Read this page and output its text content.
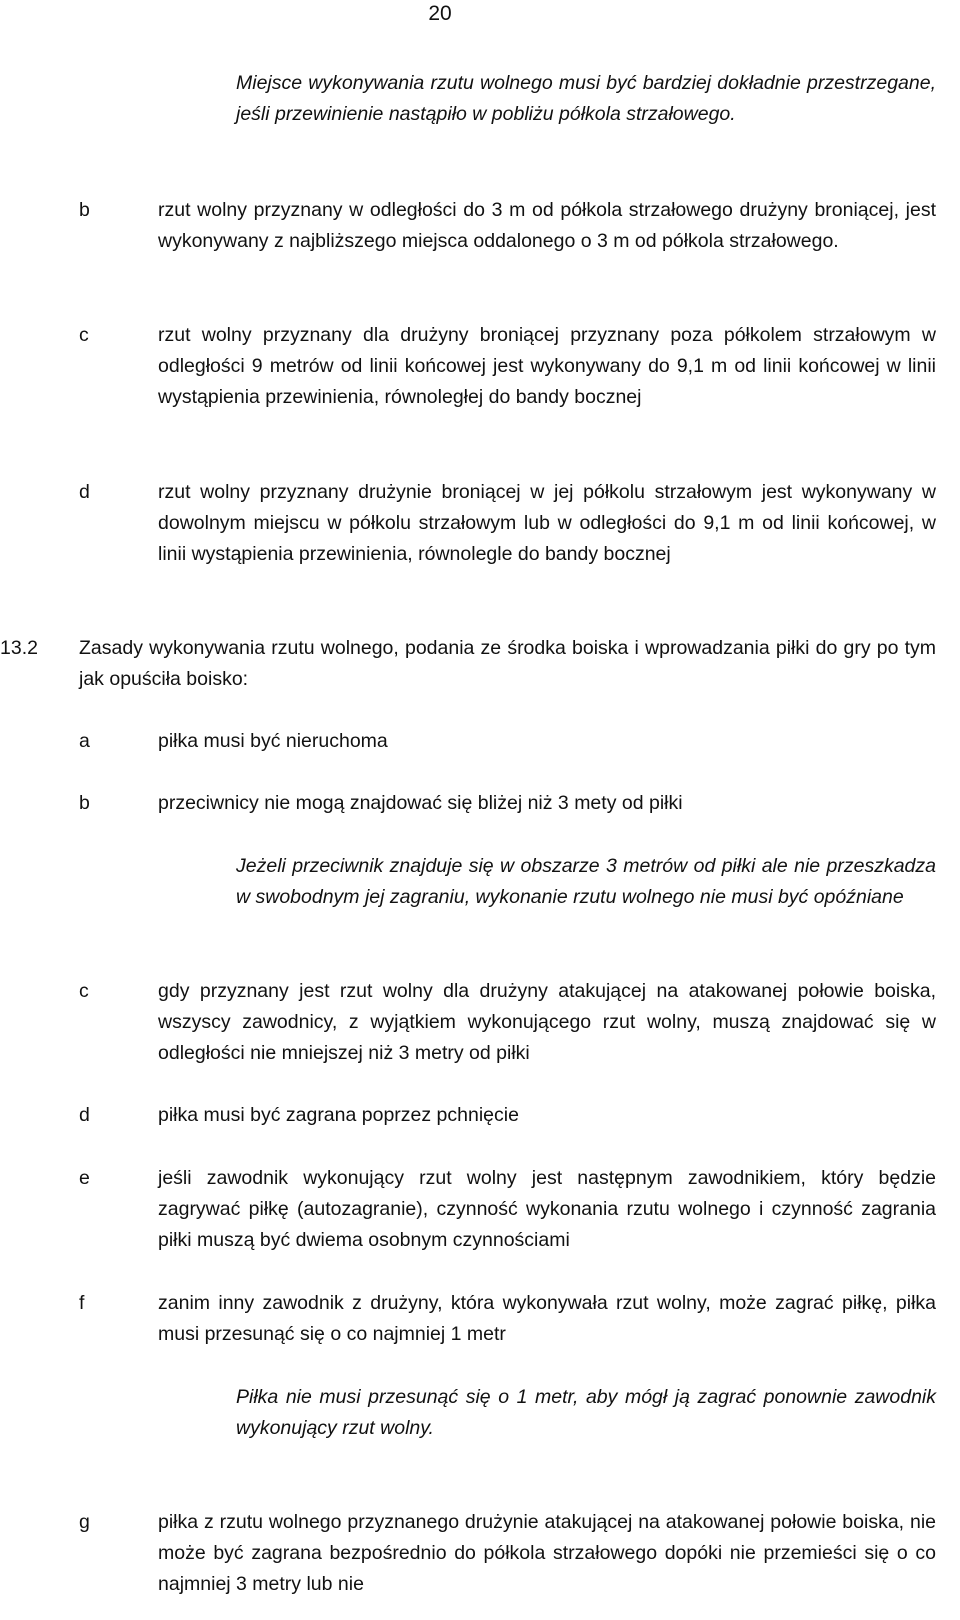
20
Miejsce wykonywania rzutu wolnego musi być bardziej dokładnie przestrzegane, jeśli przewinienie nastąpiło w pobliżu półkola strzałowego.
b	rzut wolny przyznany w odległości do 3 m od półkola strzałowego drużyny broniącej, jest wykonywany z najbliższego miejsca oddalonego o 3 m od półkola strzałowego.
c	rzut wolny przyznany dla drużyny broniącej przyznany poza półkolem strzałowym w odległości 9 metrów od linii końcowej jest wykonywany do 9,1 m od linii końcowej w linii wystąpienia przewinienia, równoległej do bandy bocznej
d	rzut wolny przyznany drużynie broniącej w jej półkolu strzałowym jest wykonywany w dowolnym miejscu w półkolu strzałowym lub w odległości do 9,1 m od linii końcowej, w linii wystąpienia przewinienia, równolegle do bandy bocznej
13.2 Zasady wykonywania rzutu wolnego, podania ze środka boiska i wprowadzania piłki do gry po tym jak opuściła boisko:
a	piłka musi być nieruchoma
b	przeciwnicy nie mogą znajdować się bliżej niż 3 mety od piłki
Jeżeli przeciwnik znajduje się w obszarze 3 metrów od piłki ale nie przeszkadza w swobodnym jej zagraniu, wykonanie rzutu wolnego nie musi być opóźniane
c	gdy przyznany jest rzut wolny dla drużyny atakującej na atakowanej połowie boiska, wszyscy zawodnicy, z wyjątkiem wykonującego rzut wolny, muszą znajdować się w odległości nie mniejszej niż 3 metry od piłki
d	piłka musi być zagrana poprzez pchnięcie
e	jeśli zawodnik wykonujący rzut wolny jest następnym zawodnikiem, który będzie zagrywać piłkę (autozagranie), czynność wykonania rzutu wolnego i czynność zagrania piłki muszą być dwiema osobnym czynnościami
f	zanim inny zawodnik z drużyny, która wykonywała rzut wolny, może zagrać piłkę, piłka musi przesunąć się o co najmniej 1 metr
Piłka nie musi przesunąć się o 1 metr, aby mógł ją zagrać ponownie zawodnik wykonujący rzut wolny.
g	piłka z rzutu wolnego przyznanego drużynie atakującej na atakowanej połowie boiska, nie może być zagrana bezpośrednio do półkola strzałowego dopóki nie przemieści się o co najmniej 3 metry lub nie
